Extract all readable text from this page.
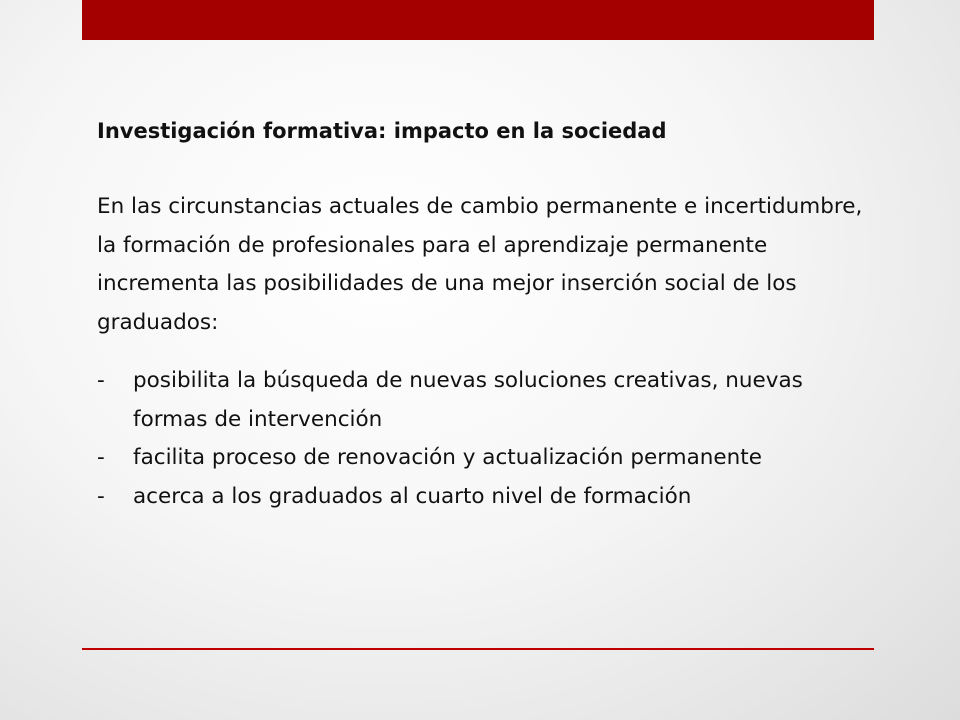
Investigación formativa: impacto en la sociedad

En las circunstancias actuales de cambio permanente e incertidumbre, la formación de profesionales para el aprendizaje permanente incrementa las posibilidades de una mejor inserción social de los graduados:

- posibilita la búsqueda de nuevas soluciones creativas, nuevas formas de intervención
- facilita proceso de renovación y actualización permanente
- acerca a los graduados al cuarto nivel de formación
